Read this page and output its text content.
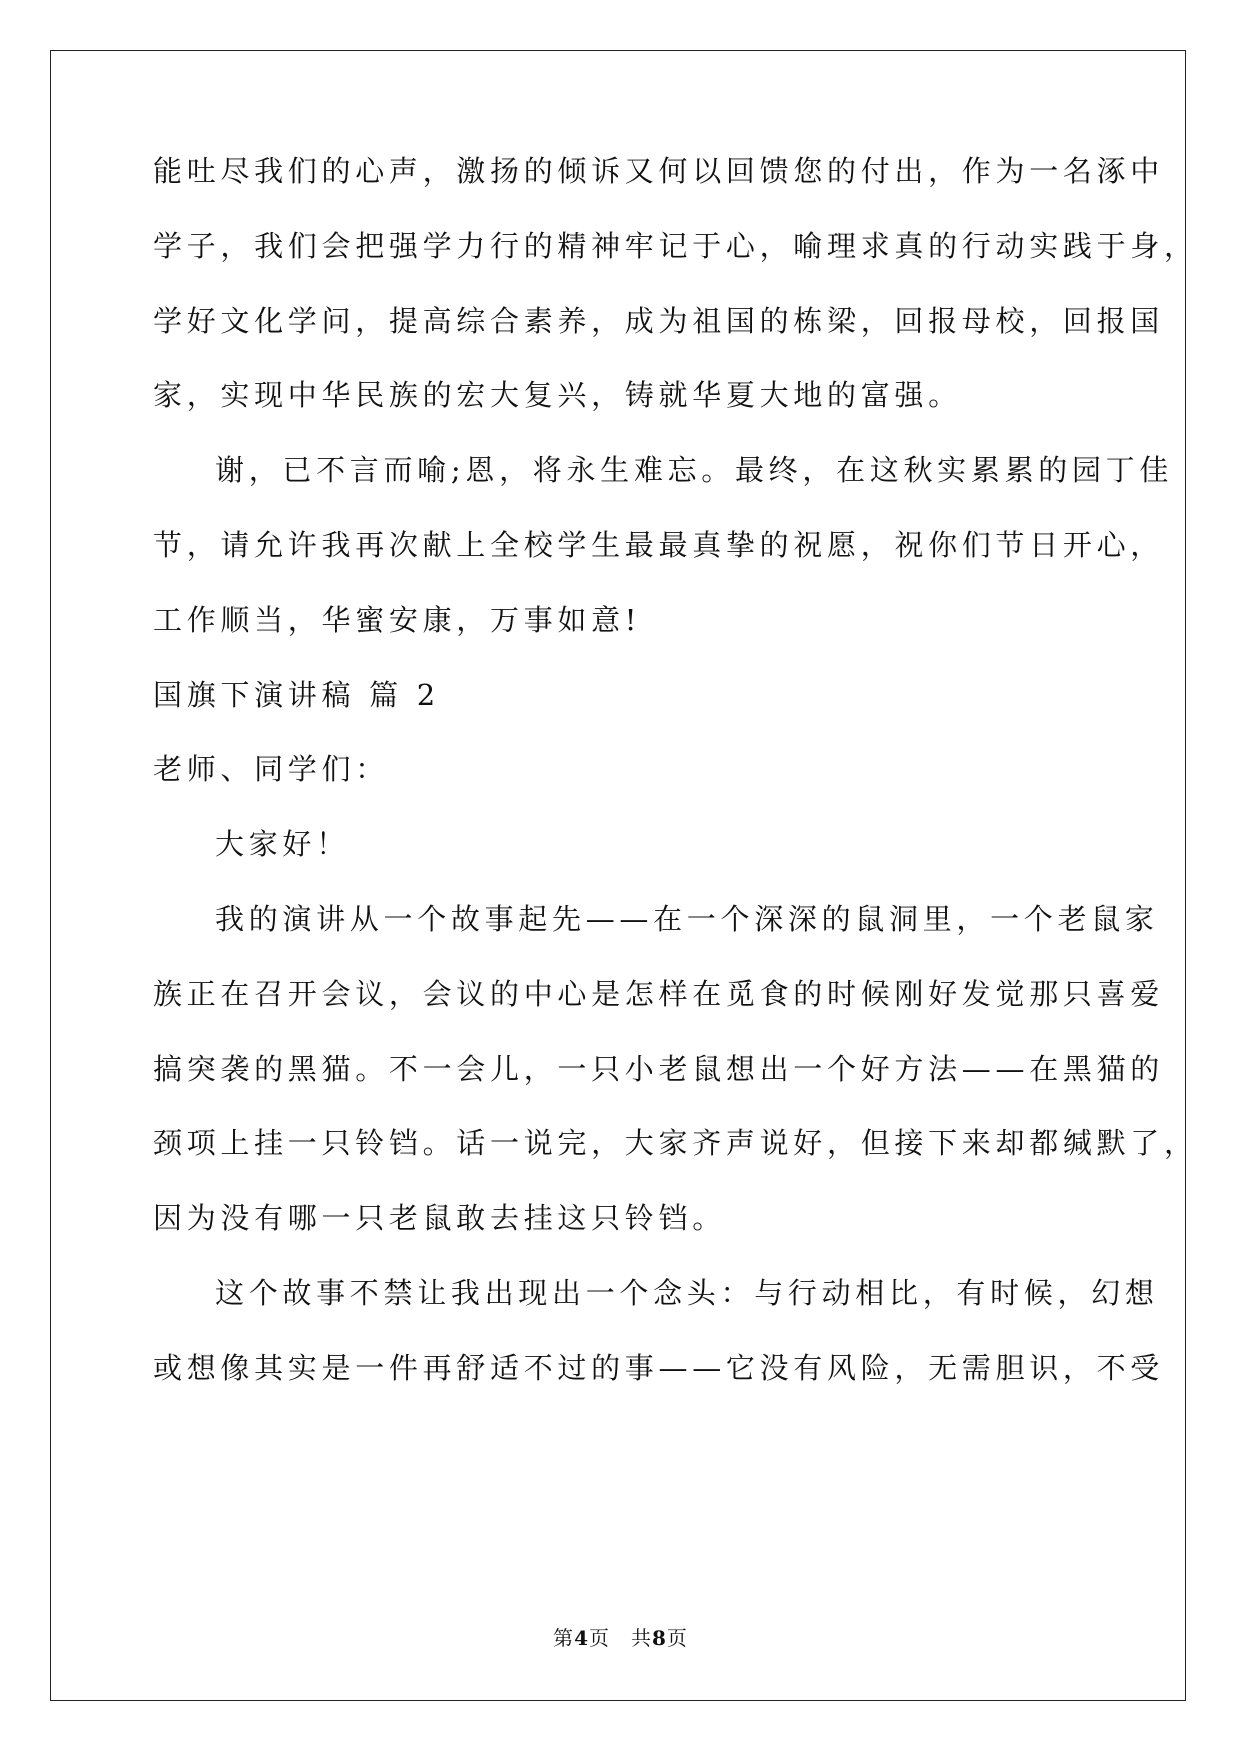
能吐尽我们的心声，激扬的倾诉又何以回馈您的付出，作为一名涿中
学子，我们会把强学力行的精神牢记于心，喻理求真的行动实践于身，
学好文化学问，提高综合素养，成为祖国的栋梁，回报母校，回报国
家，实现中华民族的宏大复兴，铸就华夏大地的富强。
谢，已不言而喻;恩，将永生难忘。最终，在这秋实累累的园丁佳
节，请允许我再次献上全校学生最最真挚的祝愿，祝你们节日开心，
工作顺当，华蜜安康，万事如意!
国旗下演讲稿 篇 2
老师、同学们：
大家好！
我的演讲从一个故事起先——在一个深深的鼠洞里，一个老鼠家
族正在召开会议，会议的中心是怎样在觅食的时候刚好发觉那只喜爱
搞突袭的黑猫。不一会儿，一只小老鼠想出一个好方法——在黑猫的
颈项上挂一只铃铛。话一说完，大家齐声说好，但接下来却都缄默了，
因为没有哪一只老鼠敢去挂这只铃铛。
这个故事不禁让我出现出一个念头：与行动相比，有时候，幻想
或想像其实是一件再舒适不过的事——它没有风险，无需胆识，不受
第4页　共8页
